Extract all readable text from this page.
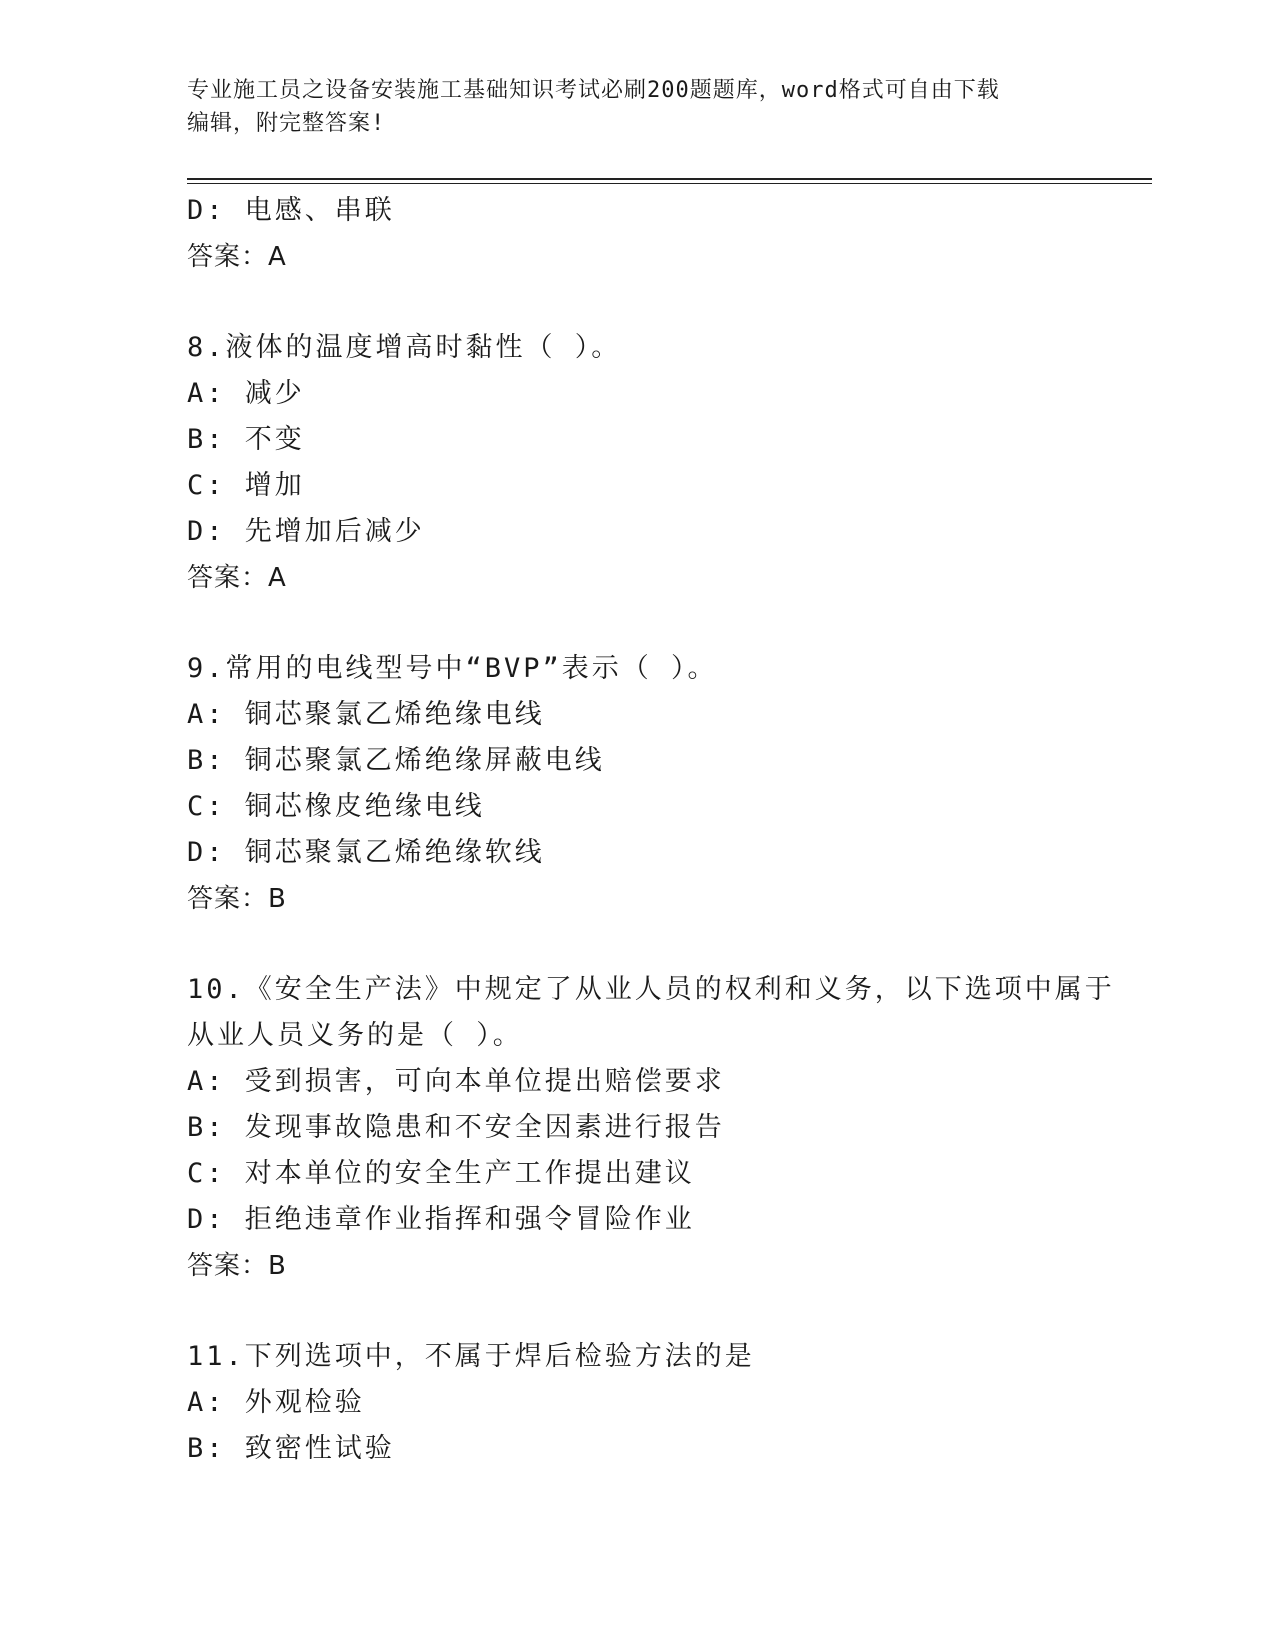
专业施工员之设备安装施工基础知识考试必刷200题题库，word格式可自由下载
编辑，附完整答案!
D: 电感、串联
答案：A
8.液体的温度增高时黏性（ ）。
A: 减少
B: 不变
C: 增加
D: 先增加后减少
答案：A
9.常用的电线型号中“BVP”表示（ ）。
A: 铜芯聚氯乙烯绝缘电线
B: 铜芯聚氯乙烯绝缘屏蔽电线
C: 铜芯橡皮绝缘电线
D: 铜芯聚氯乙烯绝缘软线
答案：B
10.《安全生产法》中规定了从业人员的权利和义务，以下选项中属于
从业人员义务的是（ ）。
A: 受到损害，可向本单位提出赔偿要求
B: 发现事故隐患和不安全因素进行报告
C: 对本单位的安全生产工作提出建议
D: 拒绝违章作业指挥和强令冒险作业
答案：B
11.下列选项中，不属于焊后检验方法的是
A: 外观检验
B: 致密性试验
